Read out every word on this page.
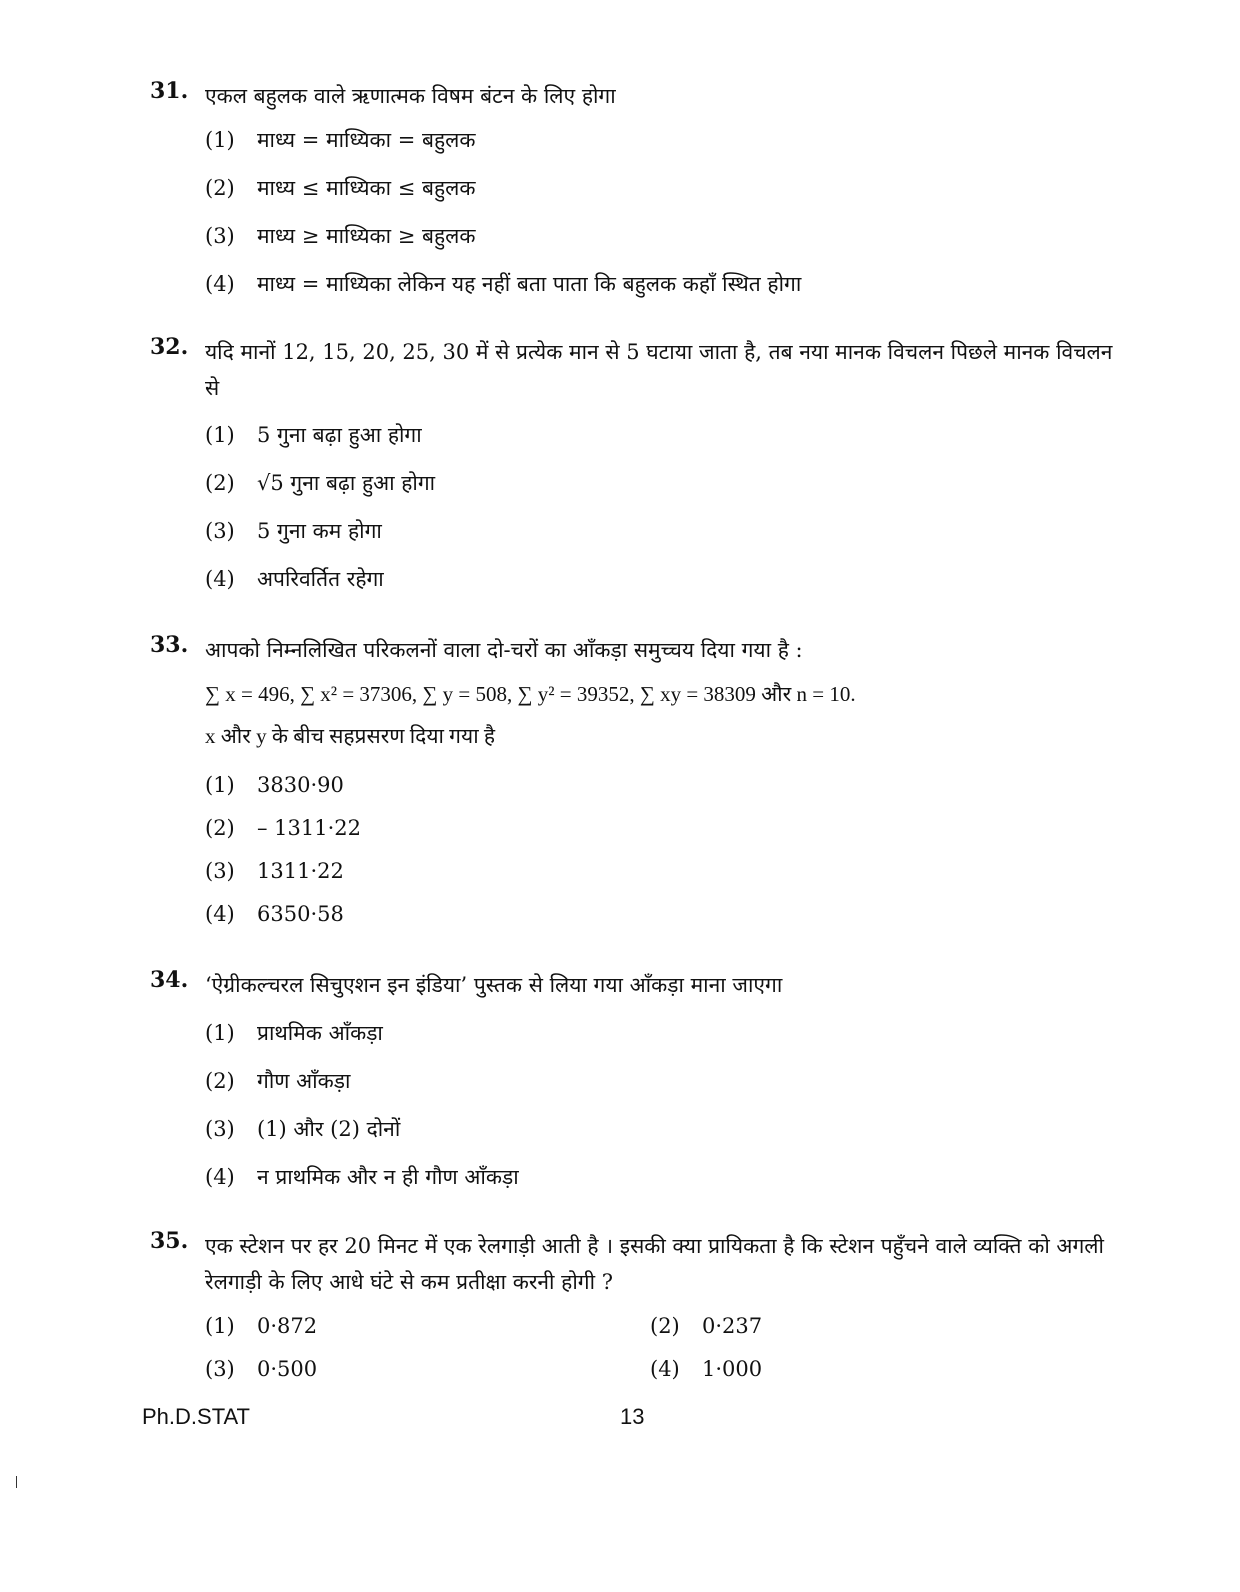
31. एकल बहुलक वाले ऋणात्मक विषम बंटन के लिए होगा
(1) माध्य = माध्यिका = बहुलक
(2) माध्य ≤ माध्यिका ≤ बहुलक
(3) माध्य ≥ माध्यिका ≥ बहुलक
(4) माध्य = माध्यिका लेकिन यह नहीं बता पाता कि बहुलक कहाँ स्थित होगा
32. यदि मानों 12, 15, 20, 25, 30 में से प्रत्येक मान से 5 घटाया जाता है, तब नया मानक विचलन पिछले मानक विचलन से
(1) 5 गुना बढ़ा हुआ होगा
(2) √5 गुना बढ़ा हुआ होगा
(3) 5 गुना कम होगा
(4) अपरिवर्तित रहेगा
33. आपको निम्नलिखित परिकलनों वाला दो-चरों का आँकड़ा समुच्चय दिया गया है :
∑ x = 496, ∑ x² = 37306, ∑ y = 508, ∑ y² = 39352, ∑ xy = 38309 और n = 10.
x और y के बीच सहप्रसरण दिया गया है
(1) 3830·90
(2) – 1311·22
(3) 1311·22
(4) 6350·58
34. ‘ऐग्रीकल्चरल सिचुएशन इन इंडिया’ पुस्तक से लिया गया आँकड़ा माना जाएगा
(1) प्राथमिक आँकड़ा
(2) गौण आँकड़ा
(3) (1) और (2) दोनों
(4) न प्राथमिक और न ही गौण आँकड़ा
35. एक स्टेशन पर हर 20 मिनट में एक रेलगाड़ी आती है । इसकी क्या प्रायिकता है कि स्टेशन पहुँचने वाले व्यक्ति को अगली रेलगाड़ी के लिए आधे घंटे से कम प्रतीक्षा करनी होगी ?
(1) 0·872	(2) 0·237
(3) 0·500	(4) 1·000
Ph.D.STAT	13
